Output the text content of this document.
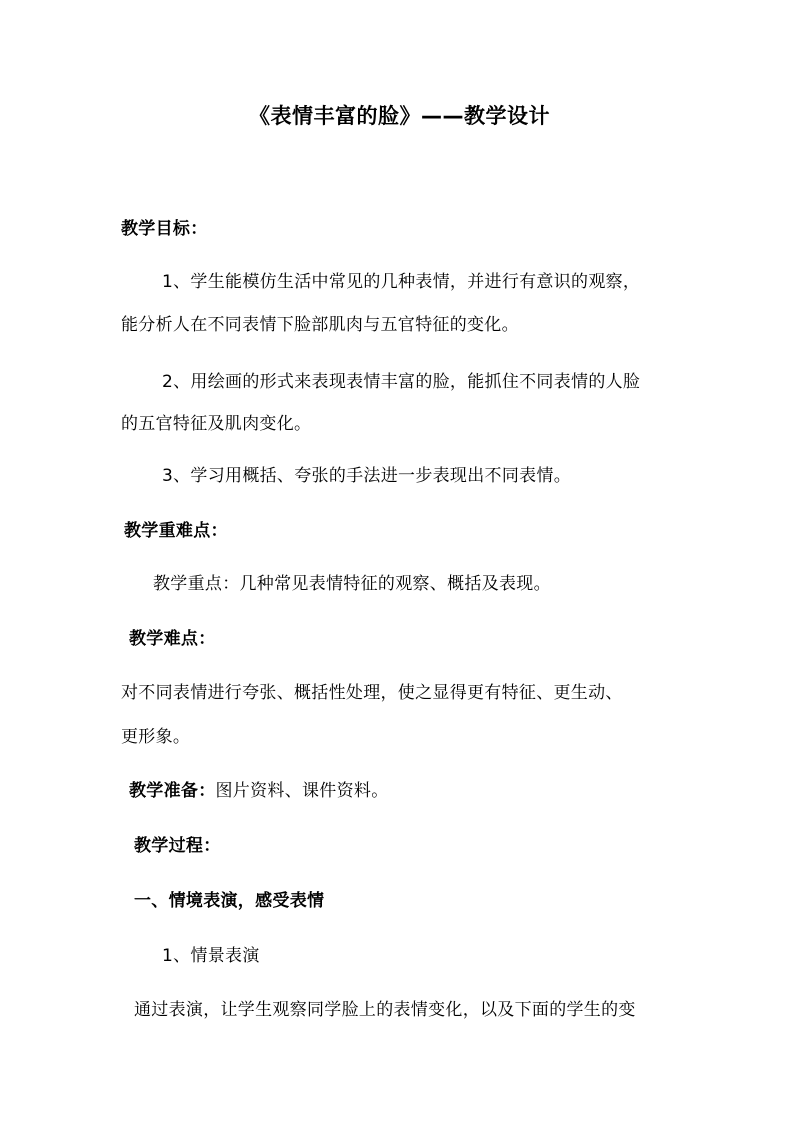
《表情丰富的脸》——教学设计
教学目标：
1、学生能模仿生活中常见的几种表情，并进行有意识的观察，
能分析人在不同表情下脸部肌肉与五官特征的变化。
2、用绘画的形式来表现表情丰富的脸，能抓住不同表情的人脸
的五官特征及肌肉变化。
3、学习用概括、夸张的手法进一步表现出不同表情。
教学重难点：
教学重点：几种常见表情特征的观察、概括及表现。
教学难点：
对不同表情进行夸张、概括性处理，使之显得更有特征、更生动、
更形象。
教学准备：图片资料、课件资料。
教学过程：
一、情境表演，感受表情
1、情景表演
通过表演，让学生观察同学脸上的表情变化，以及下面的学生的变
